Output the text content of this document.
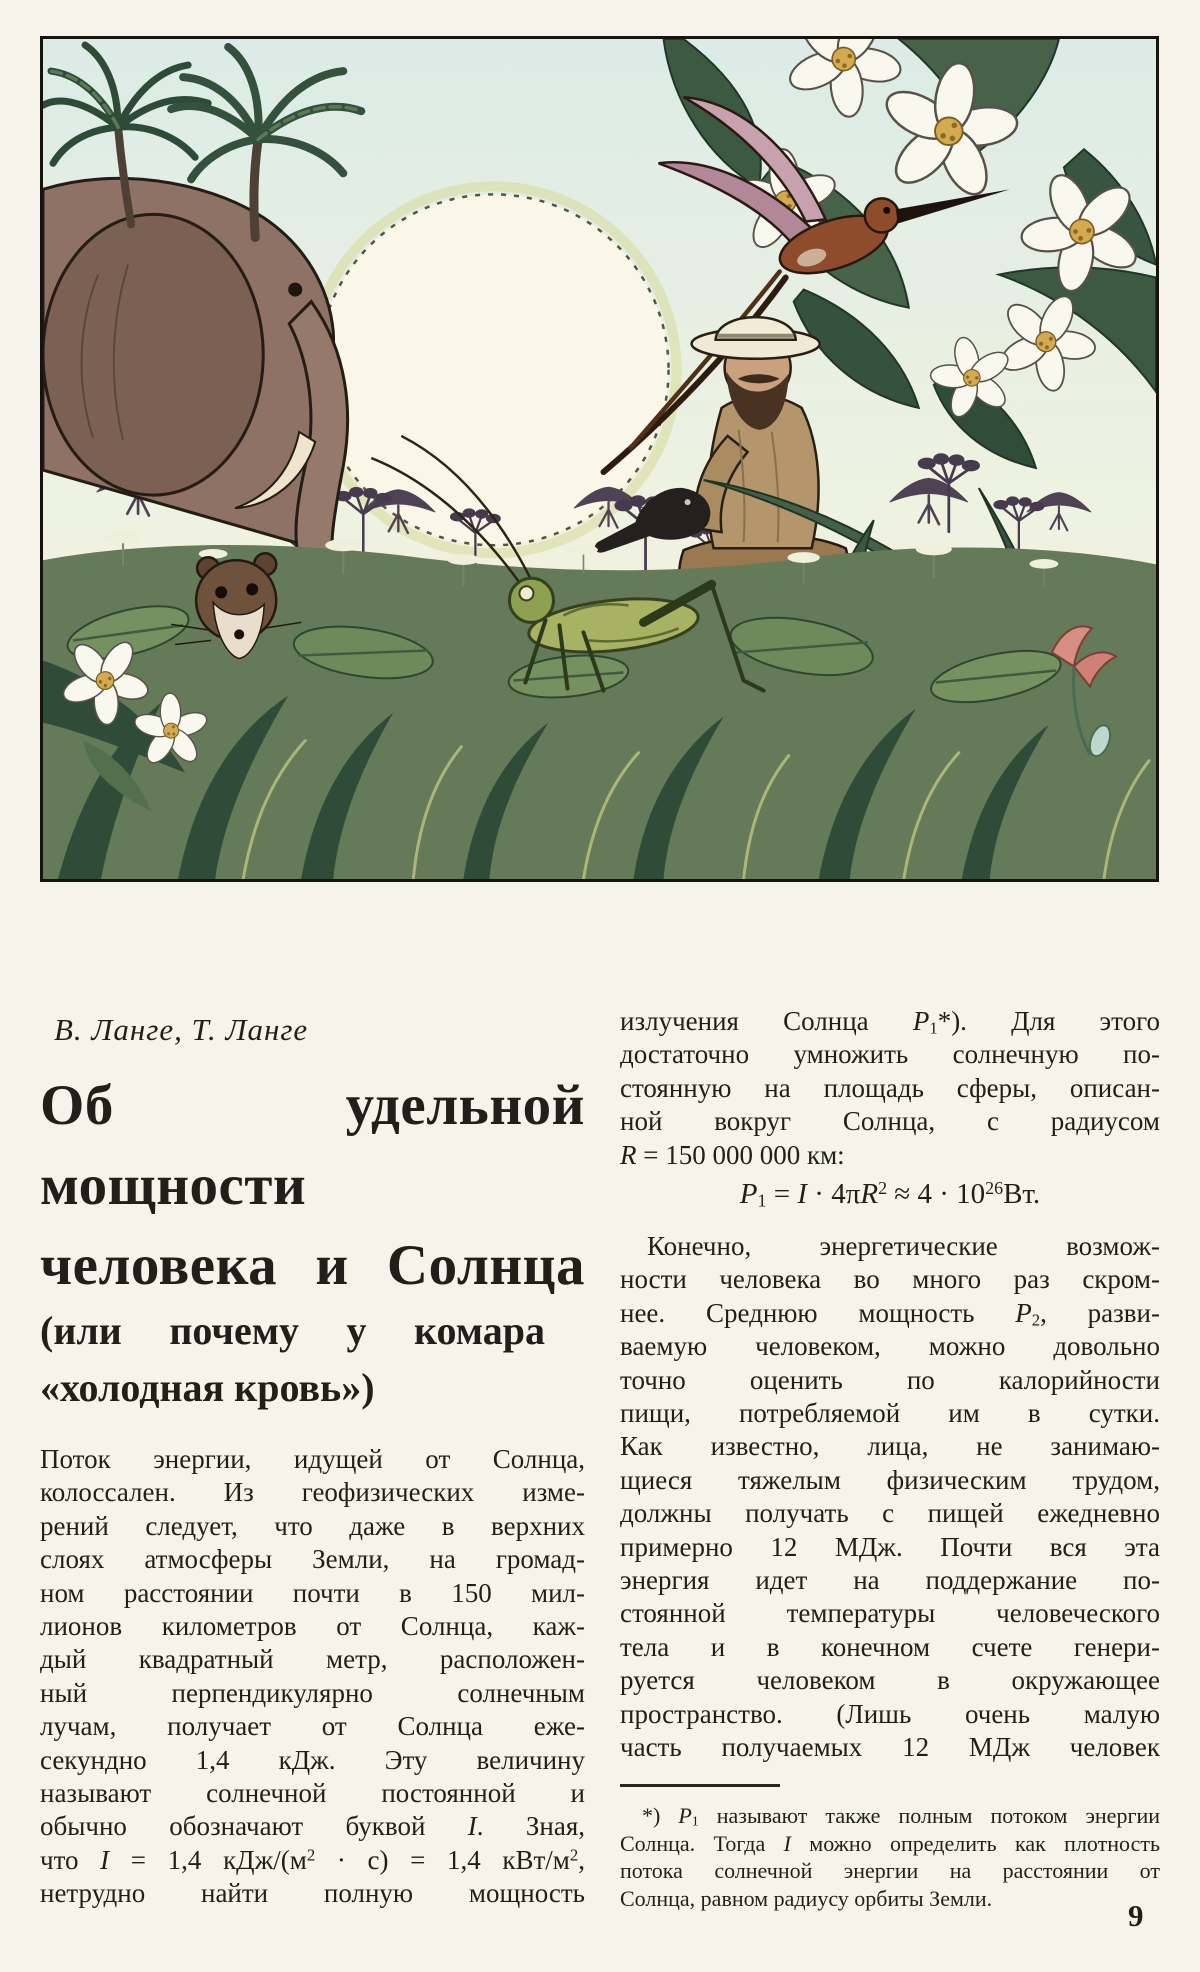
В. Ланге, Т. Ланге
Об удельной
мощности
человека и Солнца
(или почему у комара
«холодная кровь»)
Поток энергии, идущей от Солнца,
колоссален. Из геофизических изме-
рений следует, что даже в верхних
слоях атмосферы Земли, на громад-
ном расстоянии почти в 150 мил-
лионов километров от Солнца, каж-
дый квадратный метр, расположен-
ный перпендикулярно солнечным
лучам, получает от Солнца еже-
секундно 1,4 кДж. Эту величину
называют солнечной постоянной и
обычно обозначают буквой I. Зная,
что I = 1,4 кДж/$(м^2 \cdot с) = 1,4$ кВт/$м^2$,
нетрудно найти полную мощность
излучения Солнца $P_1*$). Для этого
достаточно умножить солнечную по-
стоянную на площадь сферы, описан-
ной вокруг Солнца, с радиусом
R = 150 000 000 км:
$P_1 = I \cdot 4\pi R^2 \approx 4 \cdot 10^{26}Вт$.
 Конечно, энергетические возмож-
ности человека во много раз скром-
нее. Среднюю мощность $P_2$, разви-
ваемую человеком, можно довольно
точно оценить по калорийности
пищи, потребляемой им в сутки.
Как известно, лица, не занимаю-
щиеся тяжелым физическим трудом,
должны получать с пищей ежедневно
примерно 12 МДж. Почти вся эта
энергия идет на поддержание по-
стоянной температуры человеческого
тела и в конечном счете генери-
руется человеком в окружающее
пространство. (Лишь очень малую
часть получаемых 12 МДж человек
 *) $P_1$ называют также полным потоком энергии
Солнца. Тогда I можно определить как плотность
потока солнечной энергии на расстоянии от
Солнца, равном радиусу орбиты Земли.	9
